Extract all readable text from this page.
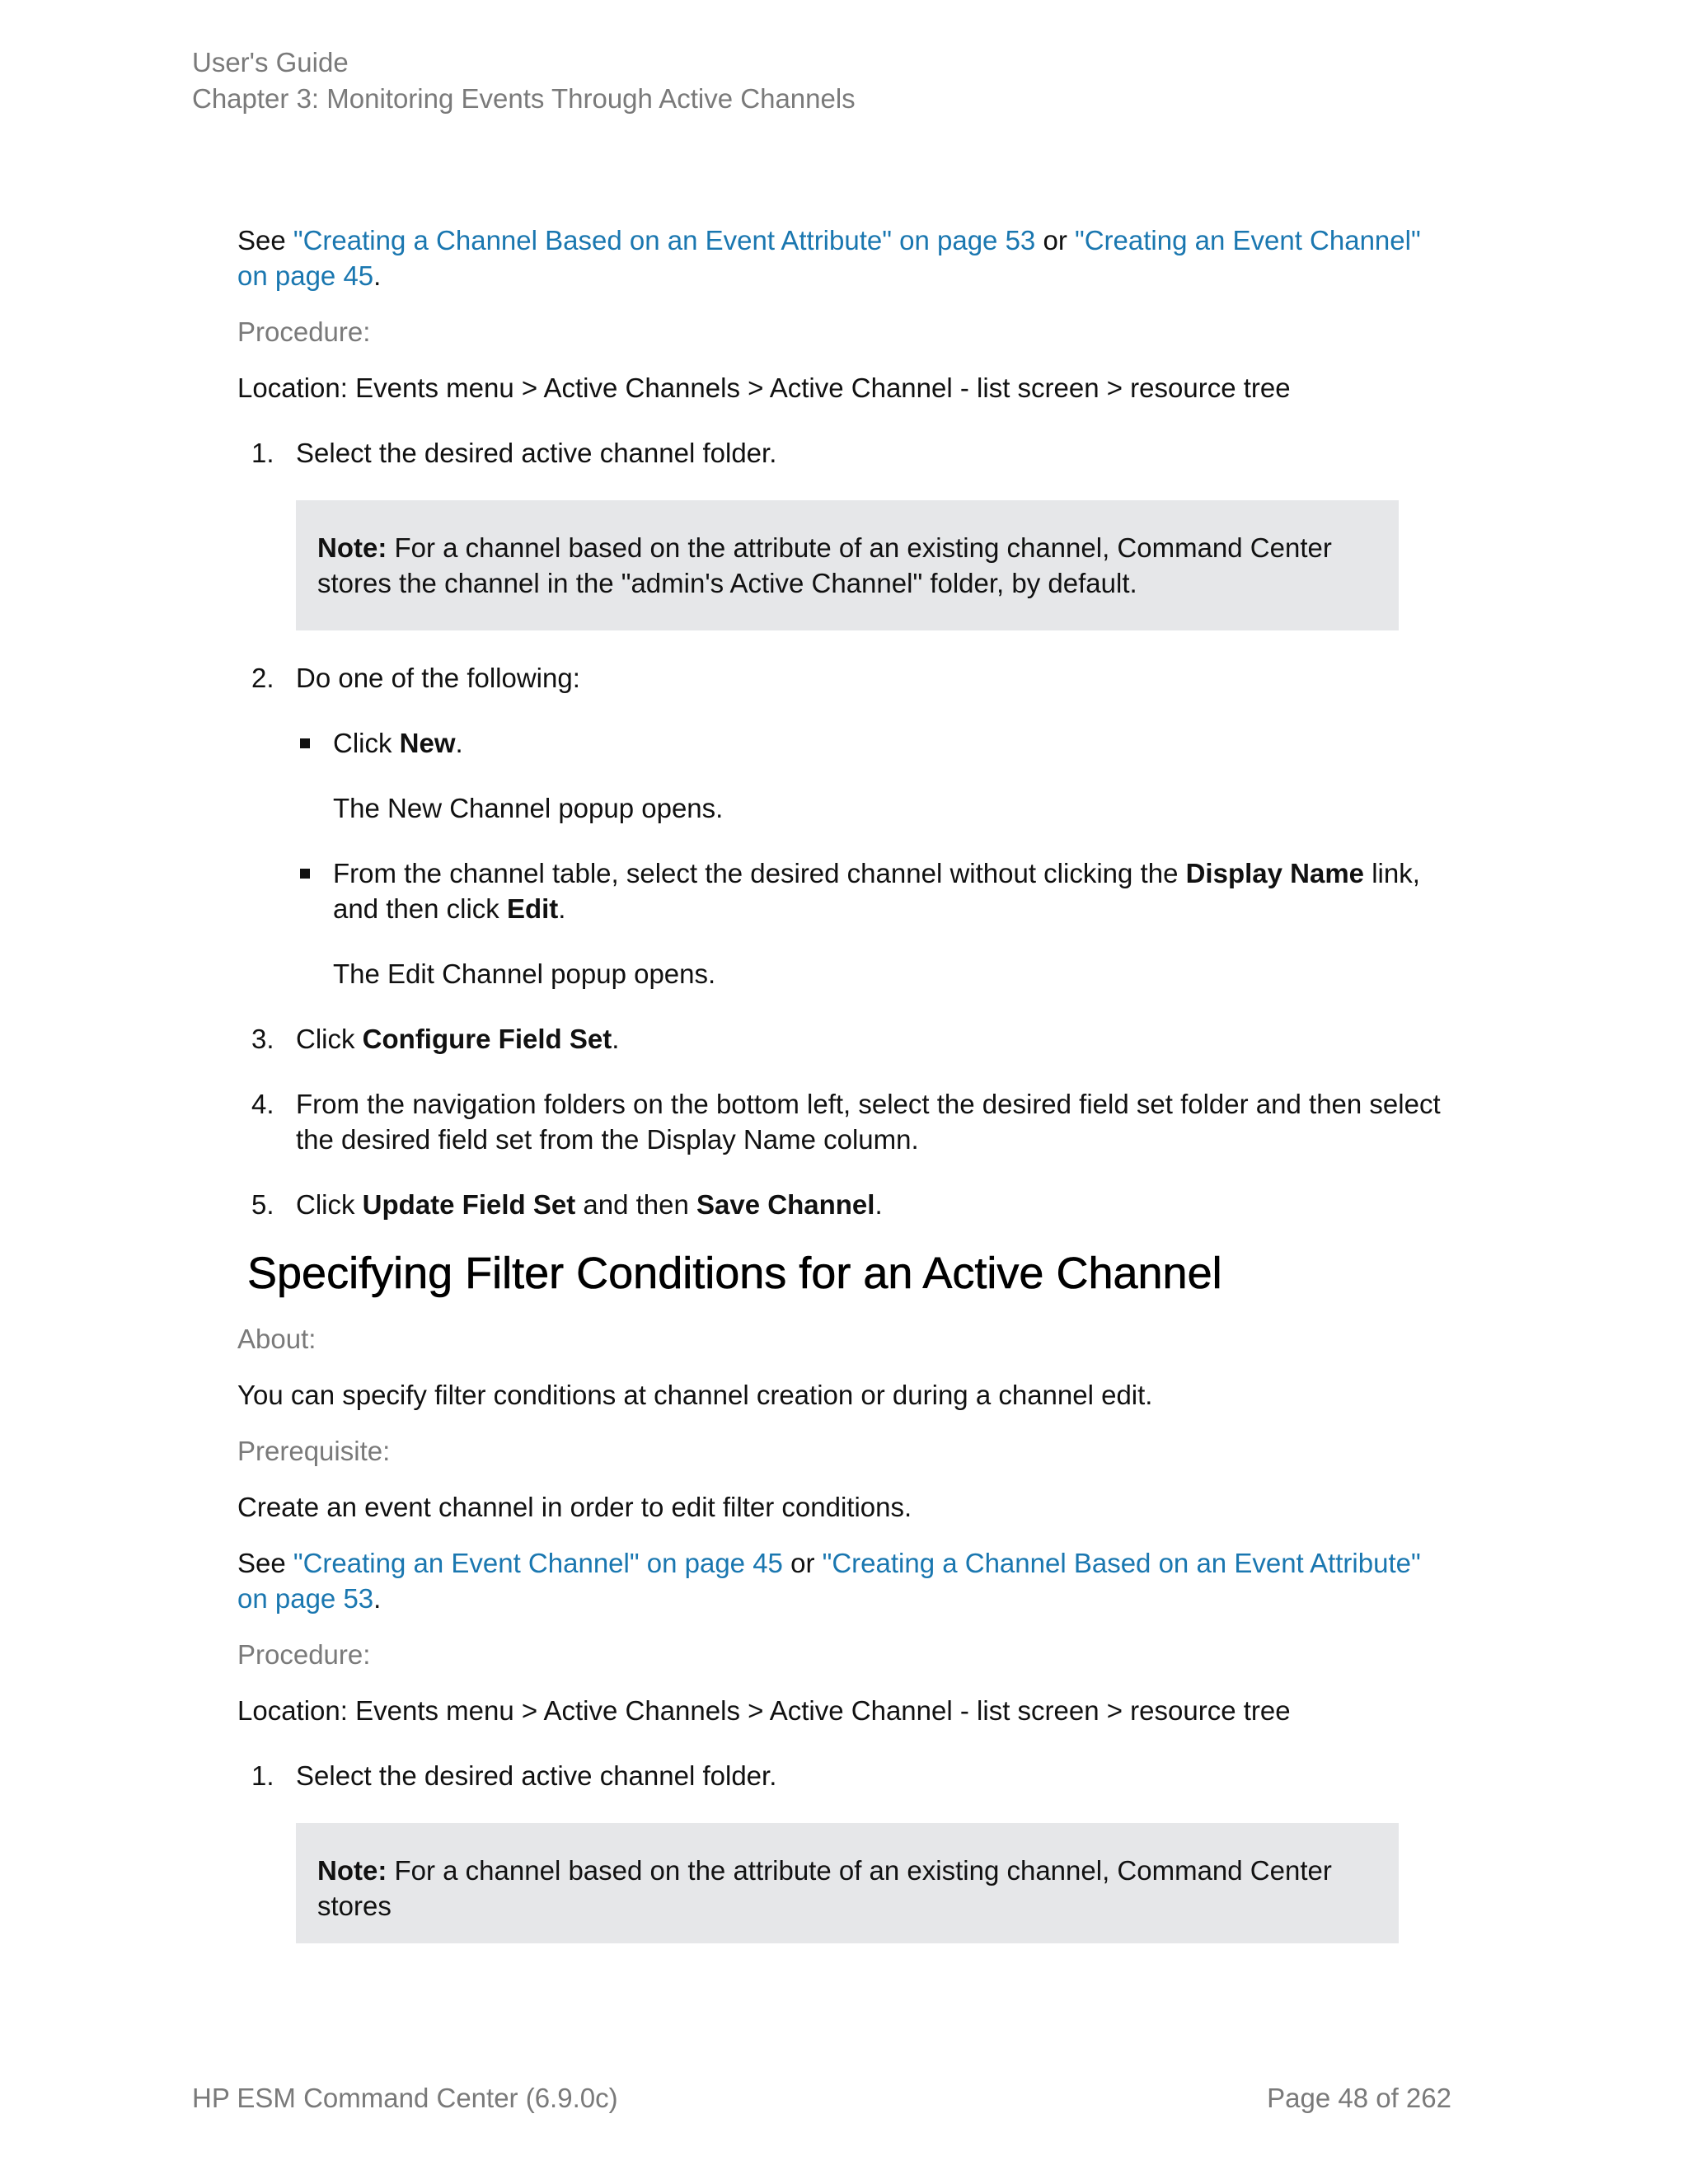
User's Guide
Chapter 3: Monitoring Events Through Active Channels

See "Creating a Channel Based on an Event Attribute" on page 53 or "Creating an Event Channel" on page 45.

Procedure:

Location: Events menu > Active Channels > Active Channel - list screen > resource tree

1. Select the desired active channel folder.
Note: For a channel based on the attribute of an existing channel, Command Center stores the channel in the "admin's Active Channel" folder, by default.
2. Do one of the following:
Click New.
The New Channel popup opens.
From the channel table, select the desired channel without clicking the Display Name link, and then click Edit.
The Edit Channel popup opens.
3. Click Configure Field Set.
4. From the navigation folders on the bottom left, select the desired field set folder and then select the desired field set from the Display Name column.
5. Click Update Field Set and then Save Channel.
Specifying Filter Conditions for an Active Channel
About:

You can specify filter conditions at channel creation or during a channel edit.

Prerequisite:

Create an event channel in order to edit filter conditions.

See "Creating an Event Channel" on page 45 or "Creating a Channel Based on an Event Attribute" on page 53.

Procedure:

Location: Events menu > Active Channels > Active Channel - list screen > resource tree

1. Select the desired active channel folder.
Note: For a channel based on the attribute of an existing channel, Command Center stores
HP ESM Command Center (6.9.0c)	Page 48 of 262
